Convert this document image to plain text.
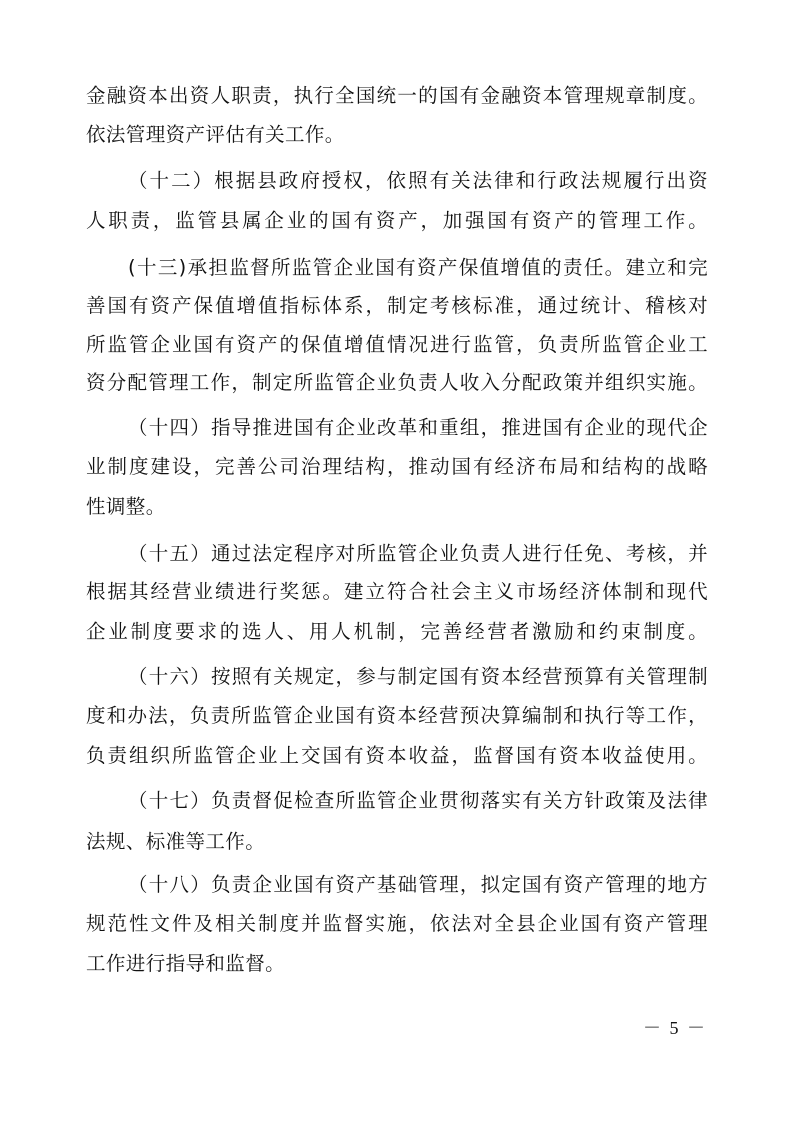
金融资本出资人职责，执行全国统一的国有金融资本管理规章制度。
依法管理资产评估有关工作。
（十二）根据县政府授权，依照有关法律和行政法规履行出资
人职责，监管县属企业的国有资产，加强国有资产的管理工作。
(十三)承担监督所监管企业国有资产保值增值的责任。建立和完
善国有资产保值增值指标体系，制定考核标准，通过统计、稽核对
所监管企业国有资产的保值增值情况进行监管，负责所监管企业工
资分配管理工作，制定所监管企业负责人收入分配政策并组织实施。
（十四）指导推进国有企业改革和重组，推进国有企业的现代企
业制度建设，完善公司治理结构，推动国有经济布局和结构的战略
性调整。
（十五）通过法定程序对所监管企业负责人进行任免、考核，并
根据其经营业绩进行奖惩。建立符合社会主义市场经济体制和现代
企业制度要求的选人、用人机制，完善经营者激励和约束制度。
（十六）按照有关规定，参与制定国有资本经营预算有关管理制
度和办法，负责所监管企业国有资本经营预决算编制和执行等工作，
负责组织所监管企业上交国有资本收益，监督国有资本收益使用。
（十七）负责督促检查所监管企业贯彻落实有关方针政策及法律
法规、标准等工作。
（十八）负责企业国有资产基础管理，拟定国有资产管理的地方
规范性文件及相关制度并监督实施，依法对全县企业国有资产管理
工作进行指导和监督。
－ 5 －
